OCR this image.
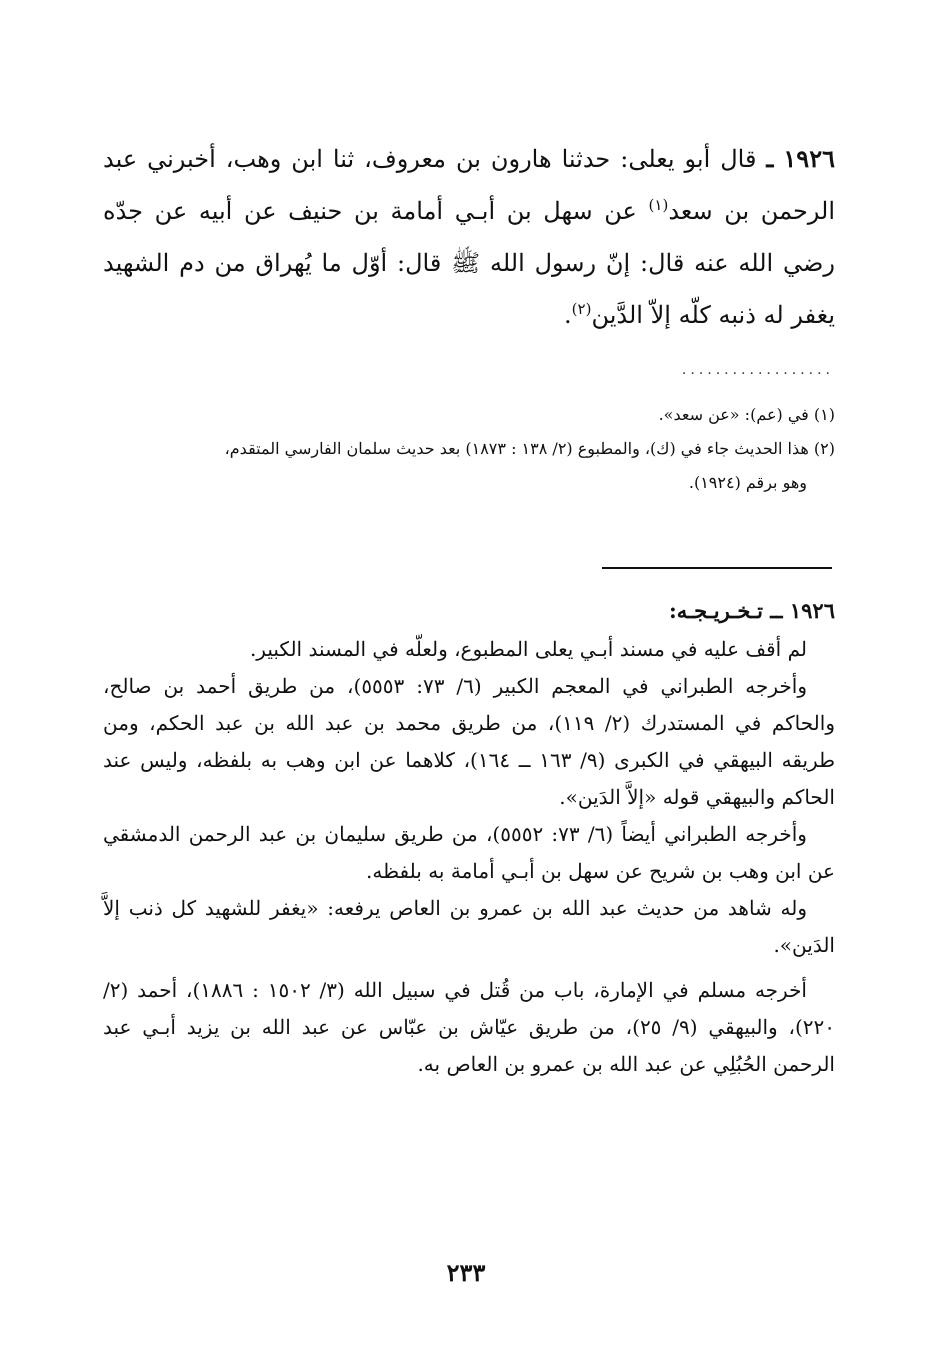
١٩٢٦ ـ قال أبو يعلى: حدثنا هارون بن معروف، ثنا ابن وهب، أخبرني عبد الرحمن بن سعد$^{(١)}$ عن سهل بن أبـي أمامة بن حنيف عن أبيه عن جدّه رضي الله عنه قال: إنّ رسول الله ﷺ قال: أوّل ما يُهراق من دم الشهيد يغفر له ذنبه كلّه إلاّ الدَّين$^{(٢)}$.

..................

(١) في (عم): «عن سعد».

(٢) هذا الحديث جاء في (ك)، والمطبوع (٢/ ١٣٨ : ١٨٧٣) بعد حديث سلمان الفارسي المتقدم،

وهو برقم (١٩٢٤).

١٩٢٦ ــ تـخـريـجـه:

لم أقف عليه في مسند أبـي يعلى المطبوع، ولعلّه في المسند الكبير.

وأخرجه الطبراني في المعجم الكبير (٦/ ٧٣: ٥٥٥٣)، من طريق أحمد بن صالح، والحاكم في المستدرك (٢/ ١١٩)، من طريق محمد بن عبد الله بن عبد الحكم، ومن طريقه البيهقي في الكبرى (٩/ ١٦٣ ــ ١٦٤)، كلاهما عن ابن وهب به بلفظه، وليس عند الحاكم والبيهقي قوله «إلاَّ الدَين».

وأخرجه الطبراني أيضاً (٦/ ٧٣: ٥٥٥٢)، من طريق سليمان بن عبد الرحمن الدمشقي عن ابن وهب بن شريح عن سهل بن أبـي أمامة به بلفظه.

وله شاهد من حديث عبد الله بن عمرو بن العاص يرفعه: «يغفر للشهيد كل ذنب إلاَّ الدَين».

أخرجه مسلم في الإمارة، باب من قُتل في سبيل الله (٣/ ١٥٠٢ : ١٨٨٦)، أحمد (٢/ ٢٢٠)، والبيهقي (٩/ ٢٥)، من طريق عيّاش بن عبّاس عن عبد الله بن يزيد أبـي عبد الرحمن الحُبُلِي عن عبد الله بن عمرو بن العاص به.

٢٣٣
